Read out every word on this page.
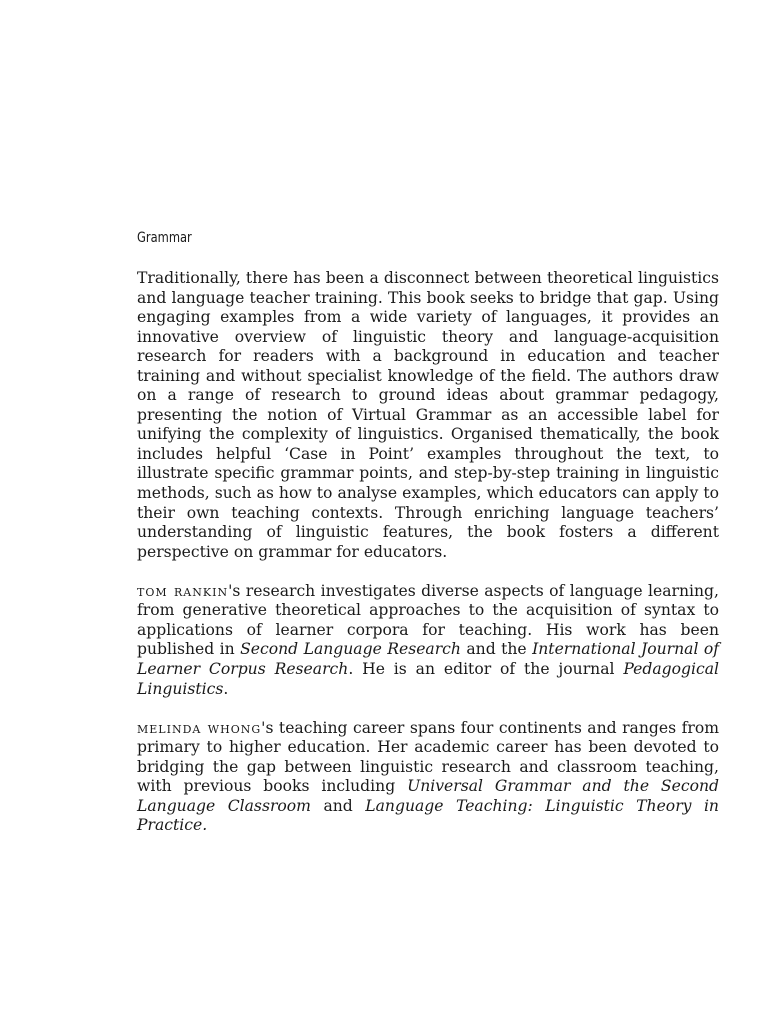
Grammar

Traditionally, there has been a disconnect between theoretical linguistics and language teacher training. This book seeks to bridge that gap. Using engaging examples from a wide variety of languages, it provides an innovative overview of linguistic theory and language-acquisition research for readers with a background in education and teacher training and without specialist knowledge of the field. The authors draw on a range of research to ground ideas about grammar pedagogy, presenting the notion of Virtual Grammar as an accessible label for unifying the complexity of linguistics. Organised thematically, the book includes helpful ‘Case in Point’ examples throughout the text, to illustrate specific grammar points, and step-by-step training in linguistic methods, such as how to analyse examples, which educators can apply to their own teaching contexts. Through enriching language teachers’ understanding of linguistic features, the book fosters a different perspective on grammar for educators.

tom rankin's research investigates diverse aspects of language learning, from generative theoretical approaches to the acquisition of syntax to applications of learner corpora for teaching. His work has been published in Second Language Research and the International Journal of Learner Corpus Research. He is an editor of the journal Pedagogical Linguistics.

melinda whong's teaching career spans four continents and ranges from primary to higher education. Her academic career has been devoted to bridging the gap between linguistic research and classroom teaching, with previous books including Universal Grammar and the Second Language Classroom and Language Teaching: Linguistic Theory in Practice.
